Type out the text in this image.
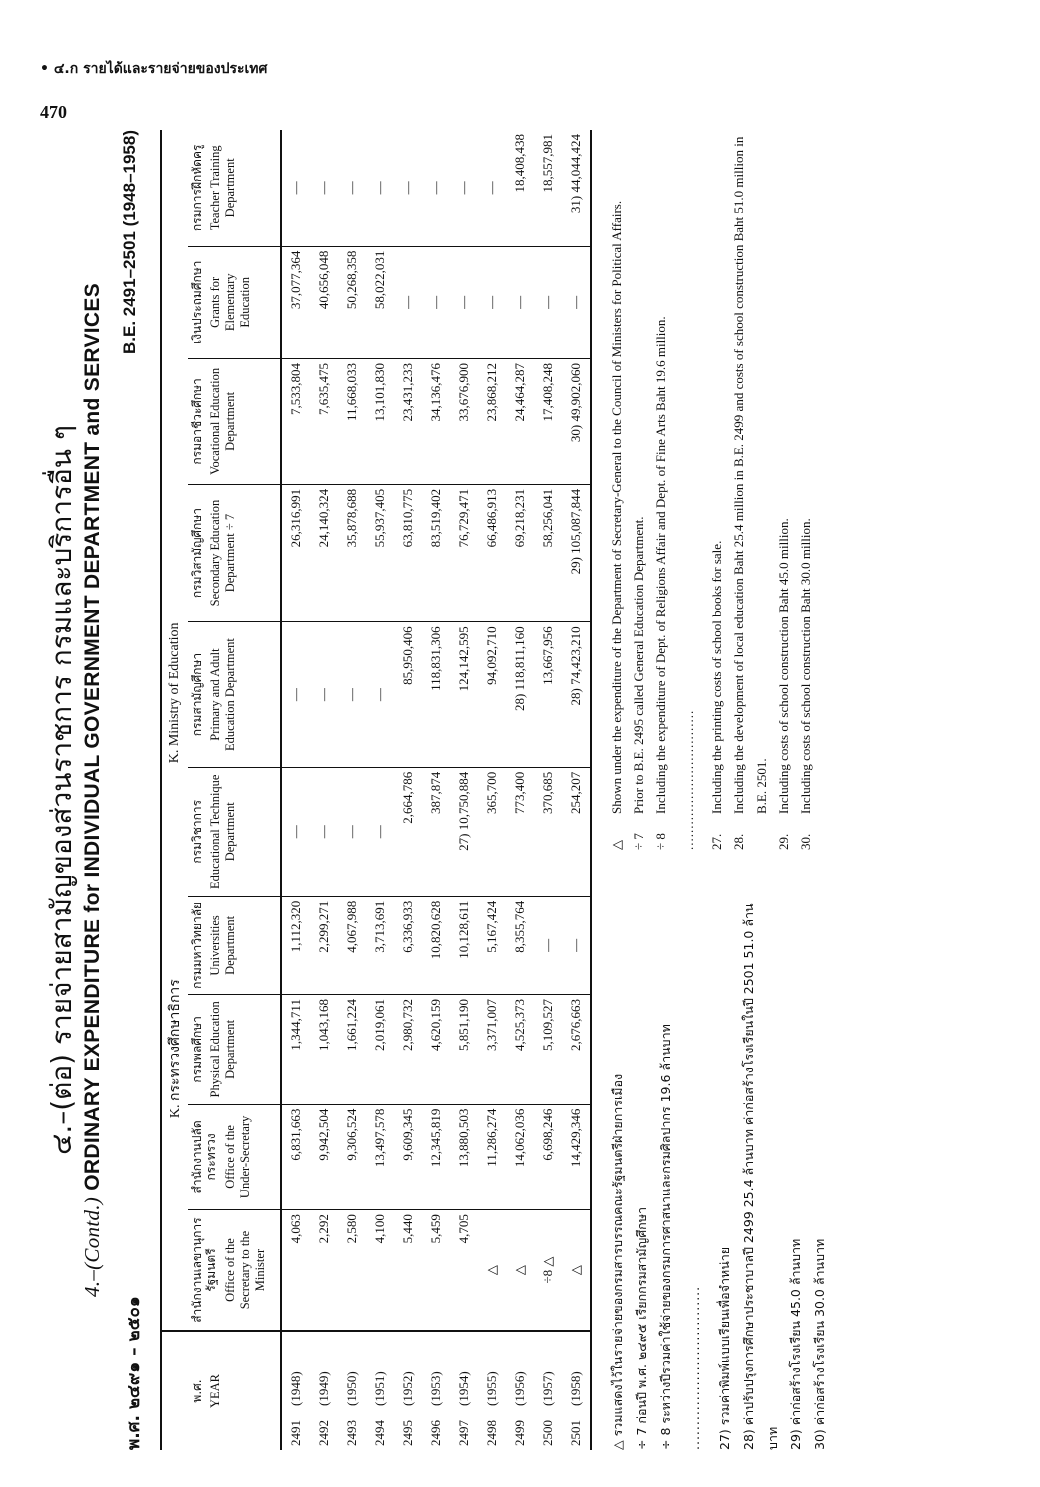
• ๔.ก รายได้และรายจ่ายของประเทศ
470
๔.–(ต่อ) รายจ่ายสามัญของส่วนราชการ กรมและบริการอื่น ๆ
4.–(Contd.) ORDINARY EXPENDITURE for INDIVIDUAL GOVERNMENT DEPARTMENT and SERVICES
พ.ศ. ๒๔๙๑ – ๒๕๐๑
B.E. 2491–2501 (1948–1958)
	K. กระทรวงศึกษาธิการ					K. Ministry of Education				

พ.ศ. YEAR	สำนักงานเลขานุการรัฐมนตรี Office of the Secretary to the Minister	สำนักงานปลัดกระทรวง Office of the Under-Secretary	กรมพลศึกษา Physical Education Department	กรมมหาวิทยาลัย Universities Department	กรมวิชาการ Educational Technique Department	กรมสามัญศึกษา Primary and Adult Education Department	กรมวิสามัญศึกษา Secondary Education Department ÷ 7	กรมอาชีวะศึกษา Vocational Education Department	เงินประถมศึกษา Grants for Elementary Education	กรมการฝึกหัดครู Teacher Training Department

2491(1948)	4,063	6,831,663	1,344,711	1,112,320	—	—	26,316,991	7,533,804	37,077,364	—
2492(1949)	2,292	9,942,504	1,043,168	2,299,271	—	—	24,140,324	7,635,475	40,656,048	—
2493(1950)	2,580	9,306,524	1,661,224	4,067,988	—	—	35,878,688	11,668,033	50,268,358	—
2494(1951)	4,100	13,497,578	2,019,061	3,713,691	—	—	55,937,405	13,101,830	58,022,031	—
2495(1952)	5,440	9,609,345	2,980,732	6,336,933	2,664,786	85,950,406	63,810,775	23,431,233	—	—
2496(1953)	5,459	12,345,819	4,620,159	10,820,628	387,874	118,831,306	83,519,402	34,136,476	—	—
2497(1954)	4,705	13,880,503	5,851,190	10,128,611	27) 10,750,884	124,142,595	76,729,471	33,676,900	—	—
2498(1955)	△	11,286,274	3,371,007	5,167,424	365,700	94,092,710	66,486,913	23,868,212	—	—
2499(1956)	△	14,062,036	4,525,373	8,355,764	773,400	28) 118,811,160	69,218,231	24,464,287	—	18,408,438
2500(1957)	÷8 △	6,698,246	5,109,527	—	370,685	13,667,956	58,256,041	17,408,248	—	18,557,981
2501(1958)	△	14,429,346	2,676,663	—	254,207	28) 74,423,210	29) 105,087,844	30) 49,902,060	—	31) 44,044,424

△ รวมแสดงไว้ในรายจ่ายของกรมสารบรรณคณะรัฐมนตรีฝ่ายการเมือง ÷ 7 ก่อนปี พ.ศ. ๒๔๙๕ เรียกกรมสามัญศึกษา ÷ 8 ระหว่างปีรวมค่าใช้จ่ายของกรมการศาสนาและกรมศิลปากร 19.6 ล้านบาท	.................................	27) รวมค่าพิมพ์แบบเรียนเพื่อจำหน่าย 28) ค่าปรับปรุงการศึกษาประชาบาลปี 2499 25.4 ล้านบาท ค่าก่อสร้างโรงเรียนในปี 2501 51.0 ล้านบาท 29) ค่าก่อสร้างโรงเรียน 45.0 ล้านบาท 30) ค่าก่อสร้างโรงเรียน 30.0 ล้านบาท

△
Shown under the expenditure of the Department of Secretary-General to the Council of Ministers for Political Affairs.
÷ 7
Prior to B.E. 2495 called General Education Department.
÷ 8
Including the expenditure of Dept. of Religions Affair and Dept. of Fine Arts Baht 19.6 million.	.................................	27.
Including the printing costs of school books for sale.
28.
Including the development of local education Baht 25.4 million in B.E. 2499 and costs of school construction Baht 51.0 million in B.E. 2501.
29.
Including costs of school construction Baht 45.0 million.
30.
Including costs of school construction Baht 30.0 million.
